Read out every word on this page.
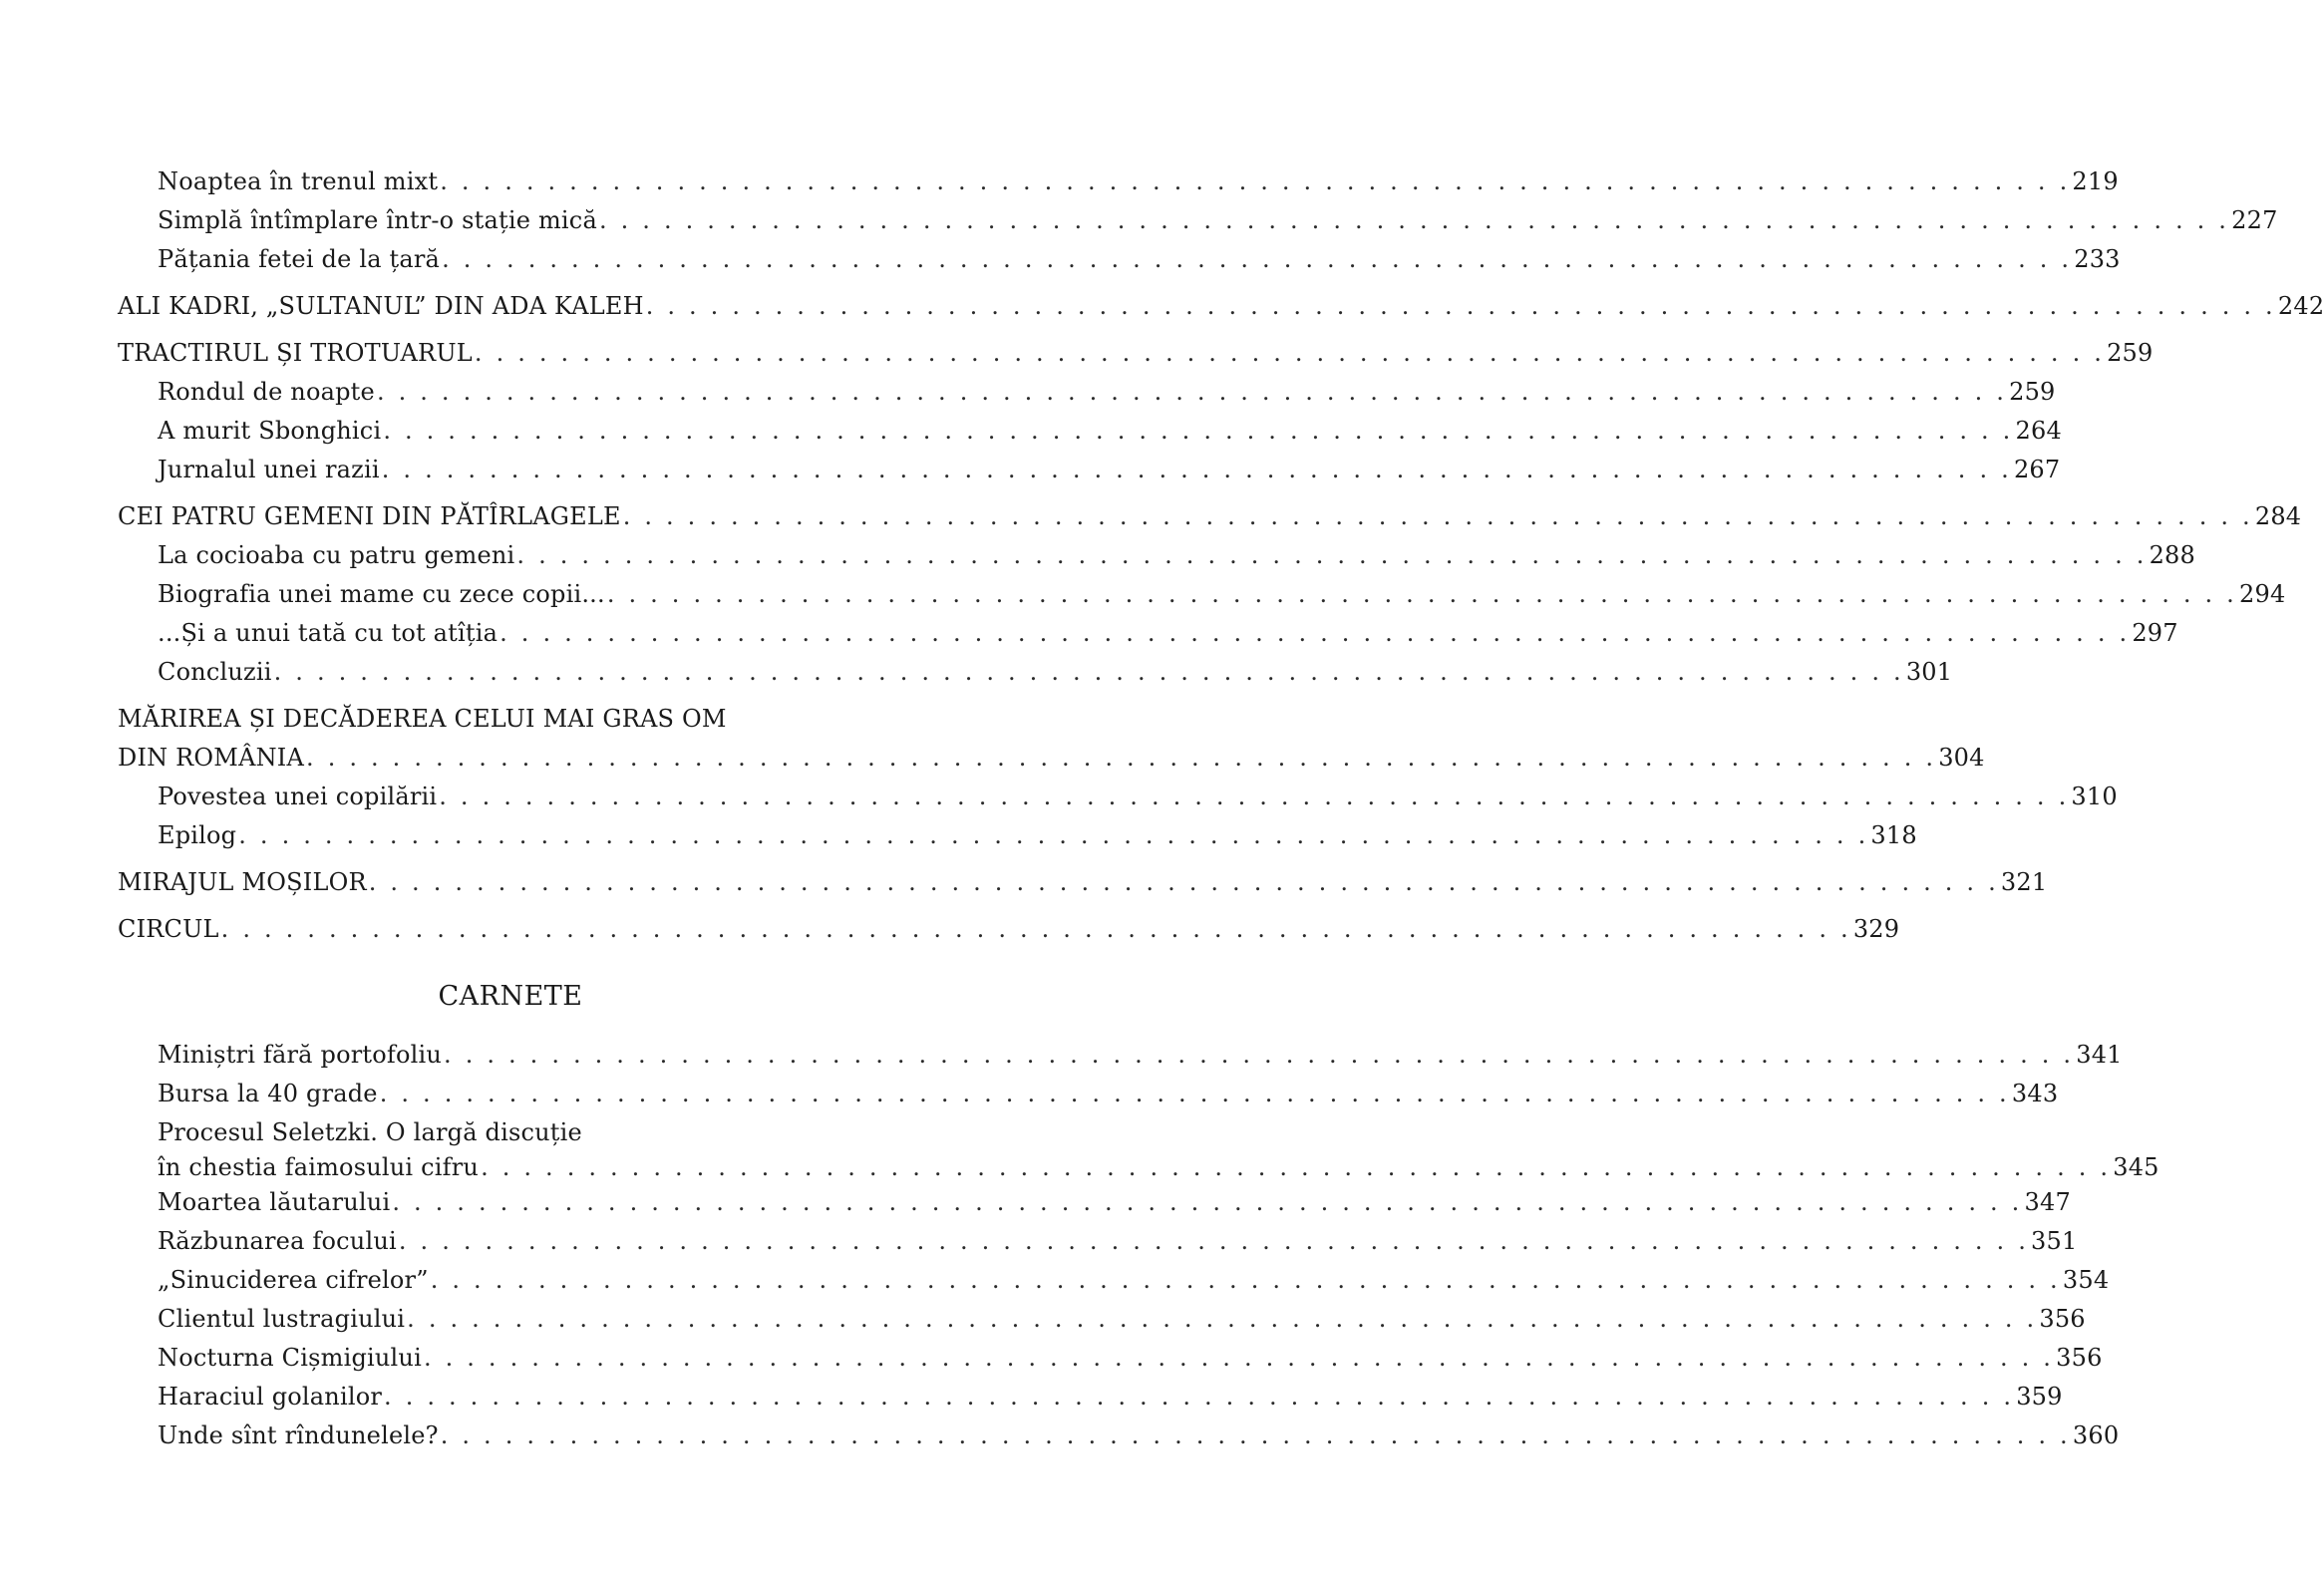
Noaptea în trenul mixt . . . . . . . . . . . . . . . . . . . . . . . . . . . . . . . . . . . . . . . . . . . . . . . . . . . . . . . . . . . . . . . . . . . . . . . . . . . . 219
Simplă întîmplare într-o stație mică . . . . . . . . . . . . . . . . . . . . . . . . . . . . . . . . . . . . . . . . . . . . . . . . . . . . . . . . . . . . . . . . . . . . . . . . . . . . 227
Pățania fetei de la țară . . . . . . . . . . . . . . . . . . . . . . . . . . . . . . . . . . . . . . . . . . . . . . . . . . . . . . . . . . . . . . . . . . . . . . . . . . . . 233
ALI KADRI, „SULTANUL” DIN ADA KALEH . . . . . . . . . . . . . . . . . . . . . . . . . . . . . . . . . . . . . . . . . . . . . . . . . . . . . . . . . . . . . . . . . . . . . . . . . . . . 242
TRACTIRUL ȘI TROTUARUL . . . . . . . . . . . . . . . . . . . . . . . . . . . . . . . . . . . . . . . . . . . . . . . . . . . . . . . . . . . . . . . . . . . . . . . . . . . . 259
Rondul de noapte . . . . . . . . . . . . . . . . . . . . . . . . . . . . . . . . . . . . . . . . . . . . . . . . . . . . . . . . . . . . . . . . . . . . . . . . . . . . 259
A murit Sbonghici . . . . . . . . . . . . . . . . . . . . . . . . . . . . . . . . . . . . . . . . . . . . . . . . . . . . . . . . . . . . . . . . . . . . . . . . . . . . 264
Jurnalul unei razii . . . . . . . . . . . . . . . . . . . . . . . . . . . . . . . . . . . . . . . . . . . . . . . . . . . . . . . . . . . . . . . . . . . . . . . . . . . . 267
CEI PATRU GEMENI DIN PĂTÎRLAGELE . . . . . . . . . . . . . . . . . . . . . . . . . . . . . . . . . . . . . . . . . . . . . . . . . . . . . . . . . . . . . . . . . . . . . . . . . . . . 284
La cocioaba cu patru gemeni . . . . . . . . . . . . . . . . . . . . . . . . . . . . . . . . . . . . . . . . . . . . . . . . . . . . . . . . . . . . . . . . . . . . . . . . . . . . 288
Biografia unei mame cu zece copii... . . . . . . . . . . . . . . . . . . . . . . . . . . . . . . . . . . . . . . . . . . . . . . . . . . . . . . . . . . . . . . . . . . . . . . . . . . . . 294
...Și a unui tată cu tot atîția . . . . . . . . . . . . . . . . . . . . . . . . . . . . . . . . . . . . . . . . . . . . . . . . . . . . . . . . . . . . . . . . . . . . . . . . . . . . 297
Concluzii . . . . . . . . . . . . . . . . . . . . . . . . . . . . . . . . . . . . . . . . . . . . . . . . . . . . . . . . . . . . . . . . . . . . . . . . . . . . 301
MĂRIREA ȘI DECĂDEREA CELUI MAI GRAS OM
DIN ROMÂNIA . . . . . . . . . . . . . . . . . . . . . . . . . . . . . . . . . . . . . . . . . . . . . . . . . . . . . . . . . . . . . . . . . . . . . . . . . . . . 304
Povestea unei copilării . . . . . . . . . . . . . . . . . . . . . . . . . . . . . . . . . . . . . . . . . . . . . . . . . . . . . . . . . . . . . . . . . . . . . . . . . . . . 310
Epilog . . . . . . . . . . . . . . . . . . . . . . . . . . . . . . . . . . . . . . . . . . . . . . . . . . . . . . . . . . . . . . . . . . . . . . . . . . . . 318
MIRAJUL MOȘILOR . . . . . . . . . . . . . . . . . . . . . . . . . . . . . . . . . . . . . . . . . . . . . . . . . . . . . . . . . . . . . . . . . . . . . . . . . . . . 321
CIRCUL . . . . . . . . . . . . . . . . . . . . . . . . . . . . . . . . . . . . . . . . . . . . . . . . . . . . . . . . . . . . . . . . . . . . . . . . . . . . 329
CARNETE
Miniștri fără portofoliu . . . . . . . . . . . . . . . . . . . . . . . . . . . . . . . . . . . . . . . . . . . . . . . . . . . . . . . . . . . . . . . . . . . . . . . . . . . . 341
Bursa la 40 grade . . . . . . . . . . . . . . . . . . . . . . . . . . . . . . . . . . . . . . . . . . . . . . . . . . . . . . . . . . . . . . . . . . . . . . . . . . . . 343
Procesul Seletzki. O largă discuție
în chestia faimosului cifru . . . . . . . . . . . . . . . . . . . . . . . . . . . . . . . . . . . . . . . . . . . . . . . . . . . . . . . . . . . . . . . . . . . . . . . . . . . . 345
Moartea lăutarului . . . . . . . . . . . . . . . . . . . . . . . . . . . . . . . . . . . . . . . . . . . . . . . . . . . . . . . . . . . . . . . . . . . . . . . . . . . . 347
Răzbunarea focului . . . . . . . . . . . . . . . . . . . . . . . . . . . . . . . . . . . . . . . . . . . . . . . . . . . . . . . . . . . . . . . . . . . . . . . . . . . . 351
„Sinuciderea cifrelor” . . . . . . . . . . . . . . . . . . . . . . . . . . . . . . . . . . . . . . . . . . . . . . . . . . . . . . . . . . . . . . . . . . . . . . . . . . . . 354
Clientul lustragiului . . . . . . . . . . . . . . . . . . . . . . . . . . . . . . . . . . . . . . . . . . . . . . . . . . . . . . . . . . . . . . . . . . . . . . . . . . . . 356
Nocturna Cișmigiului . . . . . . . . . . . . . . . . . . . . . . . . . . . . . . . . . . . . . . . . . . . . . . . . . . . . . . . . . . . . . . . . . . . . . . . . . . . . 356
Haraciul golanilor . . . . . . . . . . . . . . . . . . . . . . . . . . . . . . . . . . . . . . . . . . . . . . . . . . . . . . . . . . . . . . . . . . . . . . . . . . . . 359
Unde sînt rîndunelele? . . . . . . . . . . . . . . . . . . . . . . . . . . . . . . . . . . . . . . . . . . . . . . . . . . . . . . . . . . . . . . . . . . . . . . . . . . . . 360
